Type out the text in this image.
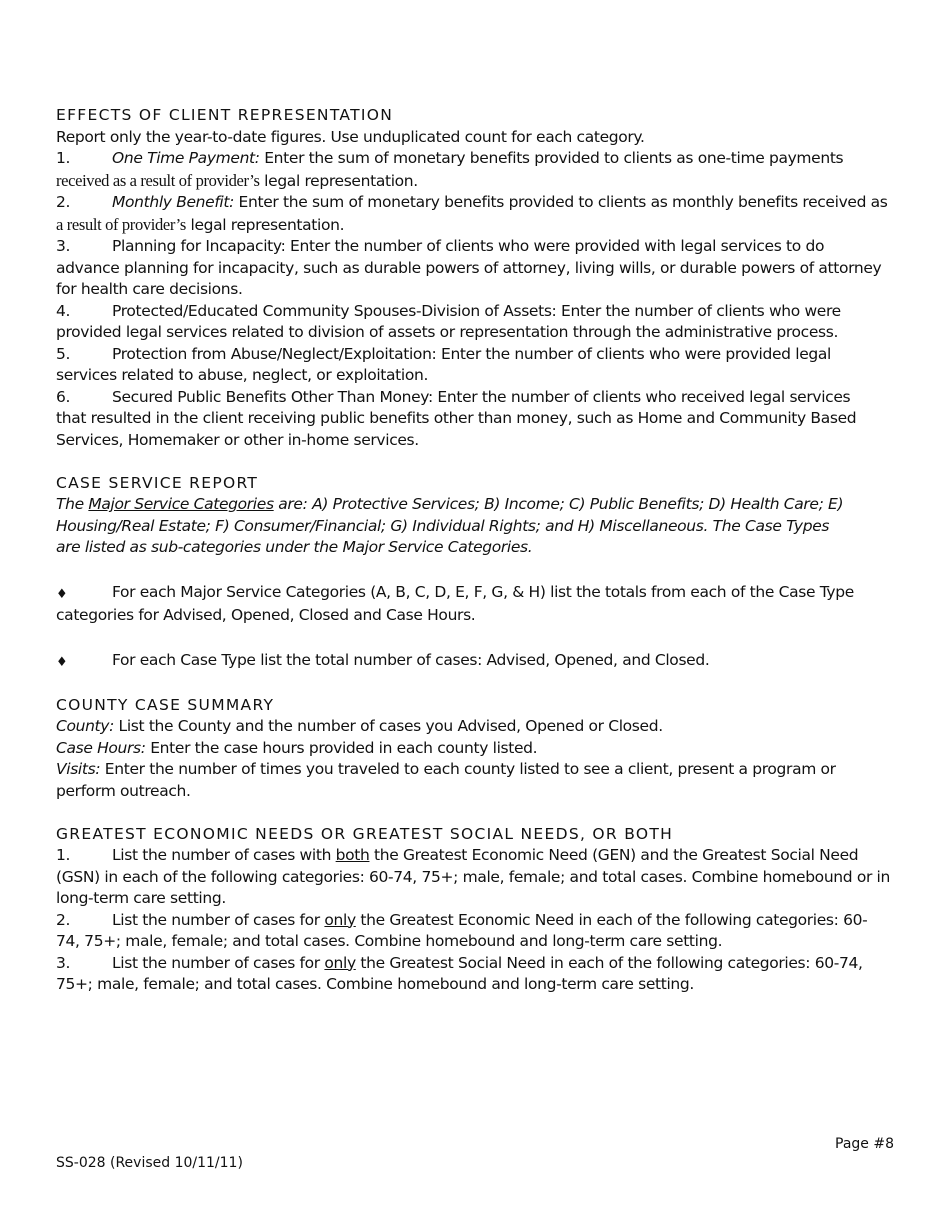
EFFECTS OF CLIENT REPRESENTATION
Report only the year-to-date figures. Use unduplicated count for each category.
1.	One Time Payment: Enter the sum of monetary benefits provided to clients as one-time payments
received as a result of provider’s legal representation.
2.	Monthly Benefit: Enter the sum of monetary benefits provided to clients as monthly benefits received as
a result of provider’s legal representation.
3.	Planning for Incapacity: Enter the number of clients who were provided with legal services to do
advance planning for incapacity, such as durable powers of attorney, living wills, or durable powers of attorney
for health care decisions.
4.	Protected/Educated Community Spouses-Division of Assets: Enter the number of clients who were
provided legal services related to division of assets or representation through the administrative process.
5.	Protection from Abuse/Neglect/Exploitation: Enter the number of clients who were provided legal
services related to abuse, neglect, or exploitation.
6.	Secured Public Benefits Other Than Money: Enter the number of clients who received legal services
that resulted in the client receiving public benefits other than money, such as Home and Community Based
Services, Homemaker or other in-home services.
CASE SERVICE REPORT
The Major Service Categories are: A) Protective Services; B) Income; C) Public Benefits; D) Health Care; E)
Housing/Real Estate; F) Consumer/Financial; G) Individual Rights; and H) Miscellaneous. The Case Types
are listed as sub-categories under the Major Service Categories.
♦	For each Major Service Categories (A, B, C, D, E, F, G, & H) list the totals from each of the Case Type
categories for Advised, Opened, Closed and Case Hours.
♦	For each Case Type list the total number of cases: Advised, Opened, and Closed.
COUNTY CASE SUMMARY
County: List the County and the number of cases you Advised, Opened or Closed.
Case Hours: Enter the case hours provided in each county listed.
Visits: Enter the number of times you traveled to each county listed to see a client, present a program or
perform outreach.
GREATEST ECONOMIC NEEDS OR GREATEST SOCIAL NEEDS, OR BOTH
1.	List the number of cases with both the Greatest Economic Need (GEN) and the Greatest Social Need
(GSN) in each of the following categories: 60-74, 75+; male, female; and total cases. Combine homebound or in
long-term care setting.
2.	List the number of cases for only the Greatest Economic Need in each of the following categories: 60-
74, 75+; male, female; and total cases. Combine homebound and long-term care setting.
3.	List the number of cases for only the Greatest Social Need in each of the following categories: 60-74,
75+; male, female; and total cases. Combine homebound and long-term care setting.
Page #8
SS-028 (Revised 10/11/11)
